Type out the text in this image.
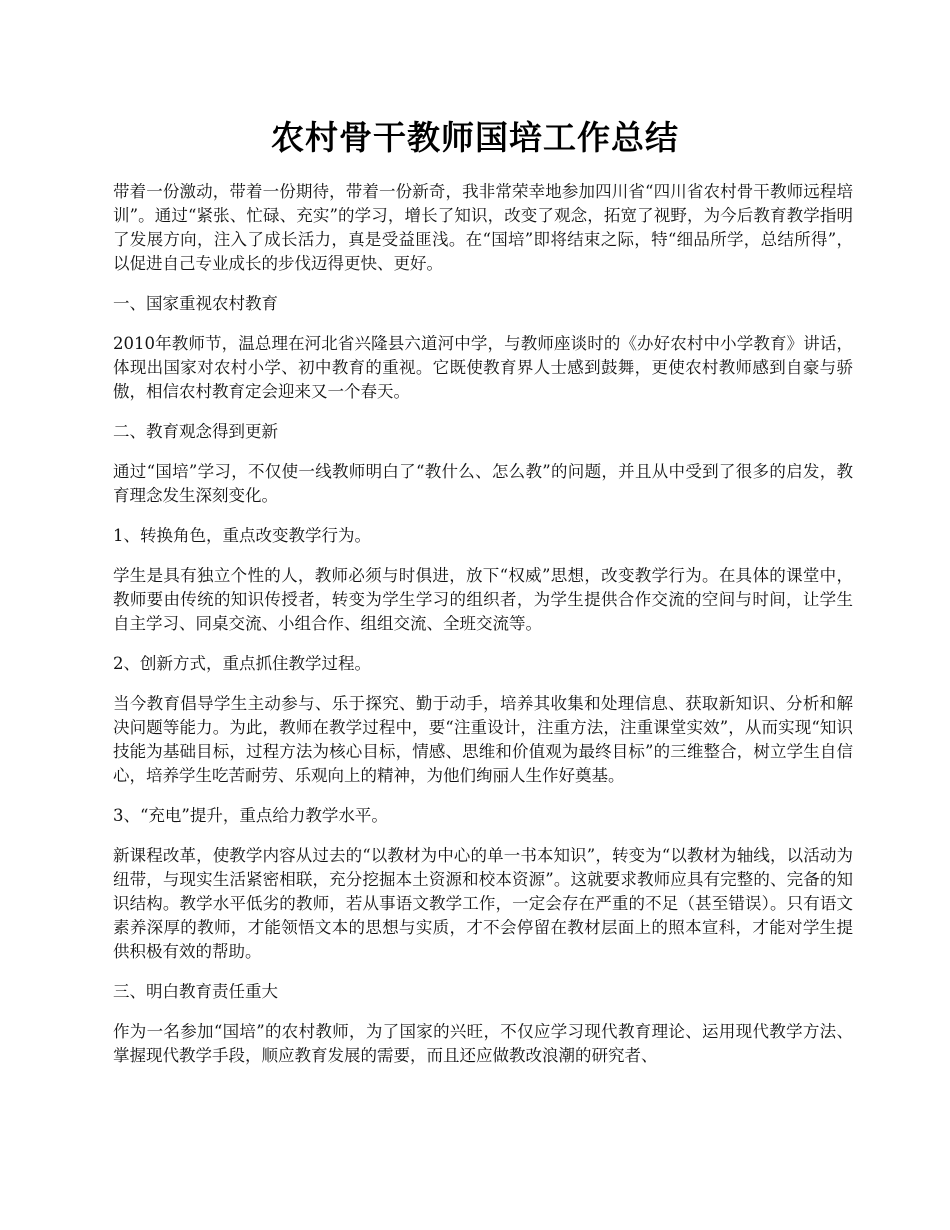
农村骨干教师国培工作总结

带着一份激动，带着一份期待，带着一份新奇，我非常荣幸地参加四川省“四川省农村骨干教师远程培训”。通过“紧张、忙碌、充实”的学习，增长了知识，改变了观念，拓宽了视野，为今后教育教学指明了发展方向，注入了成长活力，真是受益匪浅。在“国培”即将结束之际，特“细品所学，总结所得”，以促进自己专业成长的步伐迈得更快、更好。

一、国家重视农村教育

2010年教师节，温总理在河北省兴隆县六道河中学，与教师座谈时的《办好农村中小学教育》讲话，体现出国家对农村小学、初中教育的重视。它既使教育界人士感到鼓舞，更使农村教师感到自豪与骄傲，相信农村教育定会迎来又一个春天。

二、教育观念得到更新

通过“国培”学习，不仅使一线教师明白了“教什么、怎么教”的问题，并且从中受到了很多的启发，教育理念发生深刻变化。

1、转换角色，重点改变教学行为。

学生是具有独立个性的人，教师必须与时俱进，放下“权威”思想，改变教学行为。在具体的课堂中，教师要由传统的知识传授者，转变为学生学习的组织者，为学生提供合作交流的空间与时间，让学生自主学习、同桌交流、小组合作、组组交流、全班交流等。

2、创新方式，重点抓住教学过程。

当今教育倡导学生主动参与、乐于探究、勤于动手，培养其收集和处理信息、获取新知识、分析和解决问题等能力。为此，教师在教学过程中，要“注重设计，注重方法，注重课堂实效”，从而实现“知识技能为基础目标，过程方法为核心目标，情感、思维和价值观为最终目标”的三维整合，树立学生自信心，培养学生吃苦耐劳、乐观向上的精神，为他们绚丽人生作好奠基。

3、“充电”提升，重点给力教学水平。

新课程改革，使教学内容从过去的“以教材为中心的单一书本知识”，转变为“以教材为轴线，以活动为纽带，与现实生活紧密相联，充分挖掘本土资源和校本资源”。这就要求教师应具有完整的、完备的知识结构。教学水平低劣的教师，若从事语文教学工作，一定会存在严重的不足（甚至错误）。只有语文素养深厚的教师，才能领悟文本的思想与实质，才不会停留在教材层面上的照本宣科，才能对学生提供积极有效的帮助。

三、明白教育责任重大

作为一名参加“国培”的农村教师，为了国家的兴旺，不仅应学习现代教育理论、运用现代教学方法、掌握现代教学手段，顺应教育发展的需要，而且还应做教改浪潮的研究者、
